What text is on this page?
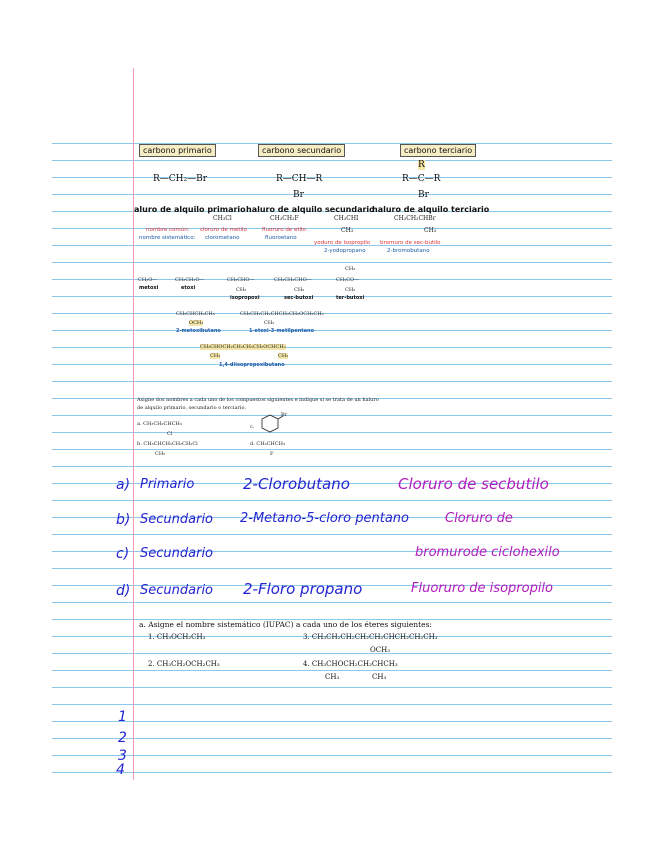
carbono primario	carbono secundario	carbono terciario
R—CH₂—Br	R—CH—R
Br
R
R—C—R
Br
aluro de alquilo primario haluro de alquilo secundario
haluro de alquilo terciario
CH₃Cl	CH₃CH₂F	CH₃CHI
CH₃
CH₃CH₂CHBr
CH₃
nombre común: cloruro de metilo	fluoruro de etilo
yoduro de isopropilo bromuro de sec-butilo
nombre sistemático: clorometano	fluoroetano
2-yodopropano	2-bromobutano
CH₃O—
metoxi
CH₃CH₂O—
etoxi
CH₃CHO—
CH₃
isopropoxi
CH₃CH₂CHO—
CH₃
sec-butoxi
CH₃
CH₃CO—
CH₃
ter-butoxi
CH₃CHCH₂CH₃
OCH₃
2-metoxibutano
CH₃CH₂CH₂CHCH₂CH₂OCH₂CH₃
CH₃
1-etoxi-3-metilpentano
CH₃CHOCH₂CH₂CH₂CH₂OCHCH₃
CH₃	CH₃
1,4-diisopropoxibutano
Asigne dos nombres a cada uno de los compuestos siguientes e indique si se trata de un haluro
de alquilo primario, secundario o terciario.
a. CH₃CH₂CHCH₃
Cl
b. CH₃CHCH₂CH₂CH₂Cl
CH₃
c.
Br
d. CH₃CHCH₃
F
a) Primario	2-Clorobutano	Cloruro de secbutilo
b) Secundario 2-Metano-5-cloro pentano	Cloruro de
c) Secundario	bromurode ciclohexilo
d) Secundario 2-Floro propano	Fluoruro de isopropilo
a. Asigne el nombre sistemático (IUPAC) a cada uno de los éteres siguientes:
1. CH₃OCH₂CH₃
2. CH₃CH₂OCH₂CH₃
3. CH₃CH₂CH₂CH₂CH₂CHCH₂CH₂CH₃
OCH₃
4. CH₃CHOCH₂CH₂CHCH₃
CH₃	CH₃
1
2
3
4
